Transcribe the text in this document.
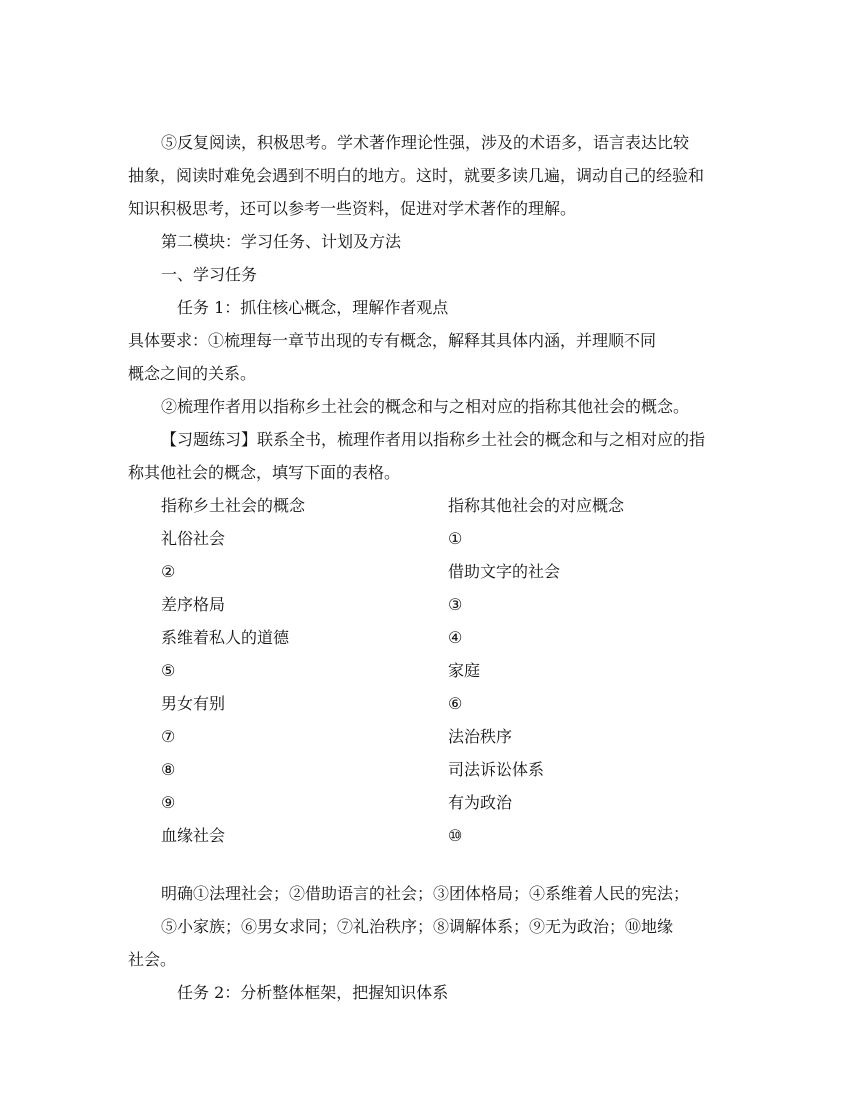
⑤反复阅读，积极思考。学术著作理论性强，涉及的术语多，语言表达比较
抽象，阅读时难免会遇到不明白的地方。这时，就要多读几遍，调动自己的经验和
知识积极思考，还可以参考一些资料，促进对学术著作的理解。
第二模块：学习任务、计划及方法
一、学习任务
任务 1：抓住核心概念，理解作者观点
具体要求：①梳理每一章节出现的专有概念，解释其具体内涵，并理顺不同
概念之间的关系。
②梳理作者用以指称乡土社会的概念和与之相对应的指称其他社会的概念。
【习题练习】联系全书，梳理作者用以指称乡土社会的概念和与之相对应的指
称其他社会的概念，填写下面的表格。
指称乡土社会的概念	指称其他社会的对应概念
礼俗社会	①
②	借助文字的社会
差序格局	③
系维着私人的道德	④
⑤	家庭
男女有别	⑥
⑦	法治秩序
⑧	司法诉讼体系
⑨	有为政治
血缘社会	⑩
明确①法理社会；②借助语言的社会；③团体格局；④系维着人民的宪法；
⑤小家族；⑥男女求同；⑦礼治秩序；⑧调解体系；⑨无为政治；⑩地缘
社会。
任务 2：分析整体框架，把握知识体系
